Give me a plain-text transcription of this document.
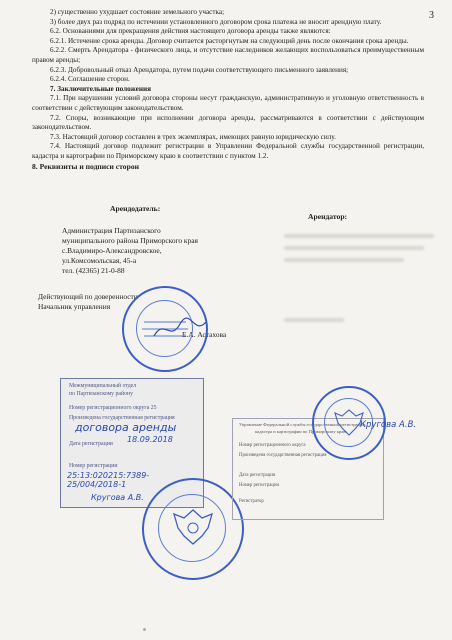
3

2) существенно ухудшает состояние земельного участка;

3) более двух раз подряд по истечении установленного договором срока платежа не вносит арендную плату.

6.2. Основаниями для прекращения действия настоящего договора аренды также являются:

6.2.1. Истечение срока аренды. Договор считается расторгнутым на следующий день после окончания срока аренды.

6.2.2. Смерть Арендатора - физического лица, и отсутствие наследников желающих воспользоваться преимущественным правом аренды;

6.2.3. Добровольный отказ Арендатора, путем подачи соответствующего письменного заявления;

6.2.4. Соглашение сторон.

7. Заключительные положения

7.1. При нарушении условий договора стороны несут гражданскую, административную и уголовную ответственность в соответствии с действующим законодательством.

7.2. Споры, возникающие при исполнении договора аренды, рассматриваются в соответствии с действующим законодательством.

7.3. Настоящий договор составлен в трех экземплярах, имеющих равную юридическую силу.

7.4. Настоящий договор подлежит регистрации в Управлении Федеральной службы государственной регистрации, кадастра и картографии по Приморскому краю в соответствии с пунктом 1.2.

8. Реквизиты и подписи сторон

Арендодатель:
Арендатор:
Администрация Партизанского
муниципального района Приморского края
с.Владимиро-Александровское,
ул.Комсомольская, 45-а
тел. (42365) 21-0-88
Действующий по доверенности
Начальник управления
Е.А. Астахова
Межмуниципальный отдел
по Партизанскому району
Номер регистрационного округа 25
Произведена государственная регистрация
Дата регистрации
Номер регистрации
договора аренды
18.09.2018
25:13:020215:7389-25/004/2018-1
Кругова А.В.
Управление Федеральной службы государственной регистрации,
кадастра и картографии по Приморскому краю
Номер регистрационного округа
Произведена государственная регистрация
Дата регистрации
Номер регистрации
Регистратор
Кругова А.В.
